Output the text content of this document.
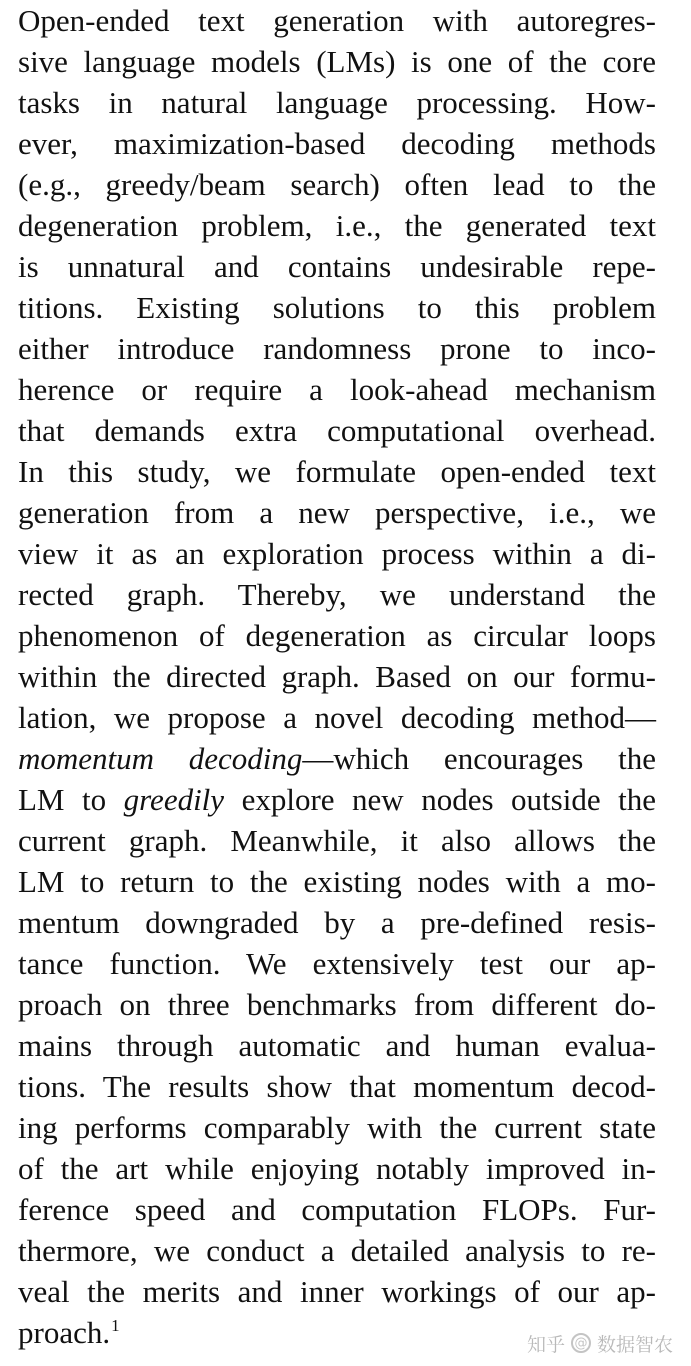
Open-ended text generation with autoregres-
sive language models (LMs) is one of the core
tasks in natural language processing. How-
ever, maximization-based decoding methods
(e.g., greedy/beam search) often lead to the
degeneration problem, i.e., the generated text
is unnatural and contains undesirable repe-
titions. Existing solutions to this problem
either introduce randomness prone to inco-
herence or require a look-ahead mechanism
that demands extra computational overhead.
In this study, we formulate open-ended text
generation from a new perspective, i.e., we
view it as an exploration process within a di-
rected graph. Thereby, we understand the
phenomenon of degeneration as circular loops
within the directed graph. Based on our formu-
lation, we propose a novel decoding method—
momentum decoding—which encourages the
LM to greedily explore new nodes outside the
current graph. Meanwhile, it also allows the
LM to return to the existing nodes with a mo-
mentum downgraded by a pre-defined resis-
tance function. We extensively test our ap-
proach on three benchmarks from different do-
mains through automatic and human evalua-
tions. The results show that momentum decod-
ing performs comparably with the current state
of the art while enjoying notably improved in-
ference speed and computation FLOPs. Fur-
thermore, we conduct a detailed analysis to re-
veal the merits and inner workings of our ap-
proach.$^1$
知乎 @ 数据智农
